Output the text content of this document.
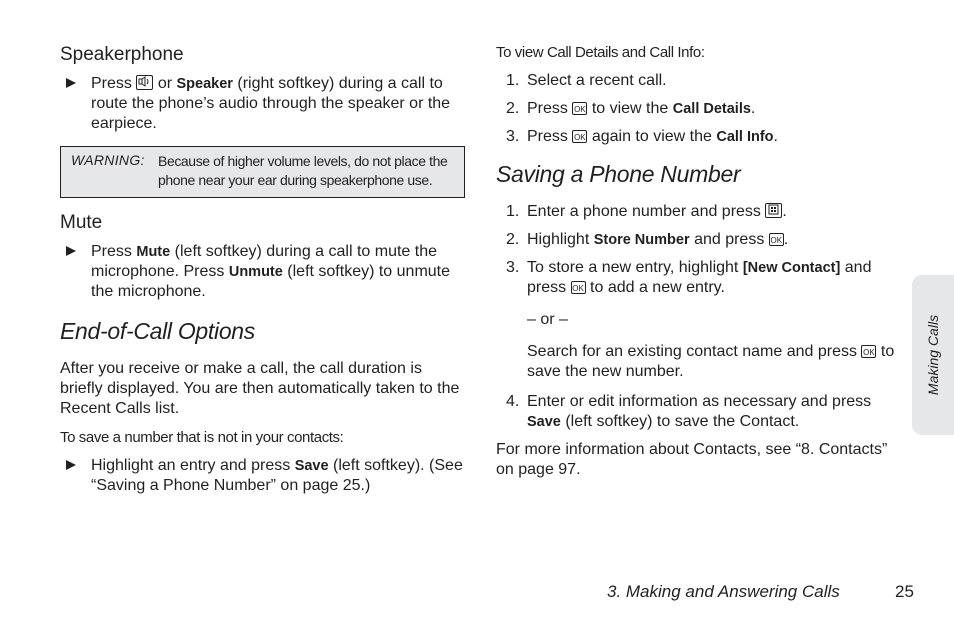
Speakerphone
Press or Speaker (right softkey) during a call to route the phone’s audio through the speaker or the earpiece.
WARNING: Because of higher volume levels, do not place the phone near your ear during speakerphone use.
Mute
Press Mute (left softkey) during a call to mute the microphone. Press Unmute (left softkey) to unmute the microphone.
End-of-Call Options

After you receive or make a call, the call duration is briefly displayed. You are then automatically taken to the Recent Calls list.

To save a number that is not in your contacts:

Highlight an entry and press Save (left softkey). (See “Saving a Phone Number” on page 25.)

To view Call Details and Call Info:

1. Select a recent call.
2. Press OK to view the Call Details.
3. Press OK again to view the Call Info.
Saving a Phone Number
1. Enter a phone number and press .
2. Highlight Store Number and press OK .
3. To store a new entry, highlight [New Contact] and press OK to add a new entry.
– or –
Search for an existing contact name and press OK to save the new number.
4. Enter or edit information as necessary and press Save (left softkey) to save the Contact.

For more information about Contacts, see “8. Contacts” on page 97.

Making Calls
3. Making and Answering Calls	25
